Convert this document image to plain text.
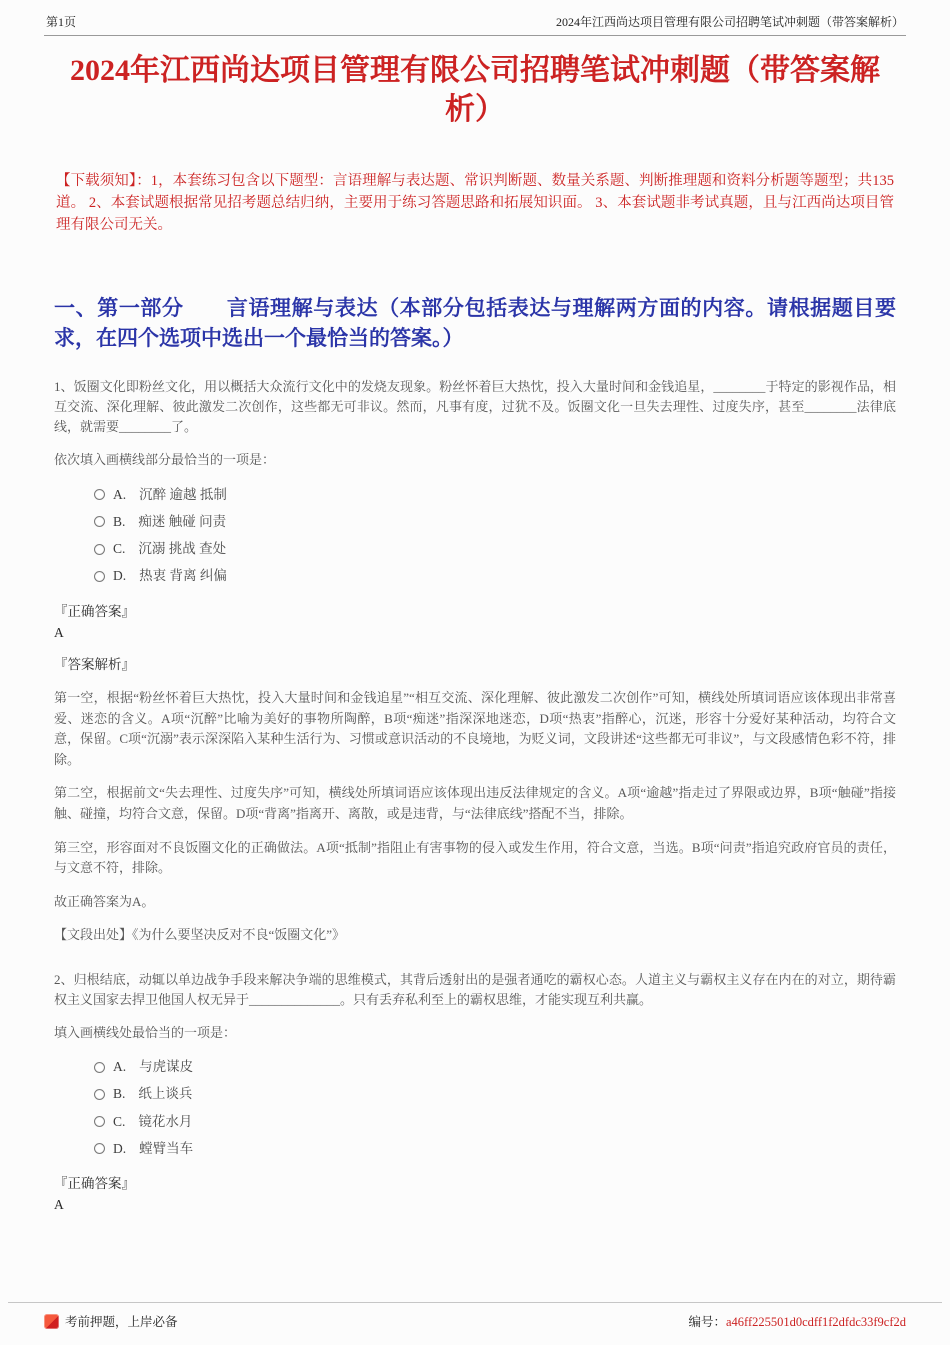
第1页	2024年江西尚达项目管理有限公司招聘笔试冲刺题（带答案解析）
2024年江西尚达项目管理有限公司招聘笔试冲刺题（带答案解析）

【下载须知】：1，本套练习包含以下题型：言语理解与表达题、常识判断题、数量关系题、判断推理题和资料分析题等题型；共135道。 2、本套试题根据常见招考题总结归纳，主要用于练习答题思路和拓展知识面。 3、本套试题非考试真题，且与江西尚达项目管理有限公司无关。

一、第一部分　　言语理解与表达（本部分包括表达与理解两方面的内容。请根据题目要求，在四个选项中选出一个最恰当的答案。）

1、饭圈文化即粉丝文化，用以概括大众流行文化中的发烧友现象。粉丝怀着巨大热忱，投入大量时间和金钱追星，________于特定的影视作品，相互交流、深化理解、彼此激发二次创作，这些都无可非议。然而，凡事有度，过犹不及。饭圈文化一旦失去理性、过度失序，甚至________法律底线，就需要________了。

依次填入画横线部分最恰当的一项是：

A. 沉醉 逾越 抵制
B. 痴迷 触碰 问责
C. 沉溺 挑战 查处
D. 热衷 背离 纠偏
『正确答案』
A
『答案解析』

第一空，根据“粉丝怀着巨大热忱，投入大量时间和金钱追星”“相互交流、深化理解、彼此激发二次创作”可知，横线处所填词语应该体现出非常喜爱、迷恋的含义。A项“沉醉”比喻为美好的事物所陶醉，B项“痴迷”指深深地迷恋，D项“热衷”指醉心，沉迷，形容十分爱好某种活动，均符合文意，保留。C项“沉溺”表示深深陷入某种生活行为、习惯或意识活动的不良境地，为贬义词，文段讲述“这些都无可非议”，与文段感情色彩不符，排除。

第二空，根据前文“失去理性、过度失序”可知，横线处所填词语应该体现出违反法律规定的含义。A项“逾越”指走过了界限或边界，B项“触碰”指接触、碰撞，均符合文意，保留。D项“背离”指离开、离散，或是违背，与“法律底线”搭配不当，排除。

第三空，形容面对不良饭圈文化的正确做法。A项“抵制”指阻止有害事物的侵入或发生作用，符合文意，当选。B项“问责”指追究政府官员的责任，与文意不符，排除。

故正确答案为A。

【文段出处】《为什么要坚决反对不良“饭圈文化”》

2、归根结底，动辄以单边战争手段来解决争端的思维模式，其背后透射出的是强者通吃的霸权心态。人道主义与霸权主义存在内在的对立，期待霸权主义国家去捍卫他国人权无异于______________。只有丢弃私利至上的霸权思维，才能实现互利共赢。

填入画横线处最恰当的一项是：

A. 与虎谋皮
B. 纸上谈兵
C. 镜花水月
D. 螳臂当车
『正确答案』
A
考前押题，上岸必备	编号：a46ff225501d0cdff1f2dfdc33f9cf2d
